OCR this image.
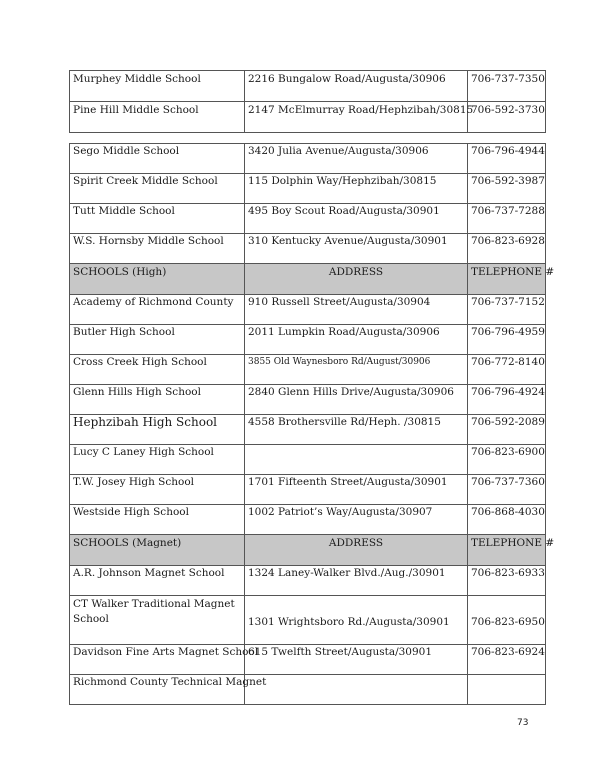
Murphey Middle School	2216 Bungalow Road/Augusta/30906	706-737-7350
Pine Hill Middle School	2147 McElmurray Road/Hephzibah/30815	706-592-3730
Sego Middle School	3420 Julia Avenue/Augusta/30906	706-796-4944
Spirit Creek Middle School	115 Dolphin Way/Hephzibah/30815	706-592-3987
Tutt Middle School	495 Boy Scout Road/Augusta/30901	706-737-7288
W.S. Hornsby Middle School	310 Kentucky Avenue/Augusta/30901	706-823-6928
SCHOOLS (High)	ADDRESS	TELEPHONE #
Academy of Richmond County	910 Russell Street/Augusta/30904	706-737-7152
Butler High School	2011 Lumpkin Road/Augusta/30906	706-796-4959
Cross Creek High School	3855 Old Waynesboro Rd/August/30906	706-772-8140
Glenn Hills High School	2840 Glenn Hills Drive/Augusta/30906	706-796-4924
Hephzibah High School	4558 Brothersville Rd/Heph. /30815	706-592-2089
Lucy C Laney High School		706-823-6900
T.W. Josey High School	1701 Fifteenth Street/Augusta/30901	706-737-7360
Westside High School	1002 Patriot’s Way/Augusta/30907	706-868-4030
SCHOOLS (Magnet)	ADDRESS	TELEPHONE #
A.R. Johnson Magnet School	1324 Laney-Walker Blvd./Aug./30901	706-823-6933
CT Walker Traditional Magnet School	1301 Wrightsboro Rd./Augusta/30901	706-823-6950
Davidson Fine Arts Magnet School	615 Twelfth Street/Augusta/30901	706-823-6924
Richmond County Technical Magnet		
73
